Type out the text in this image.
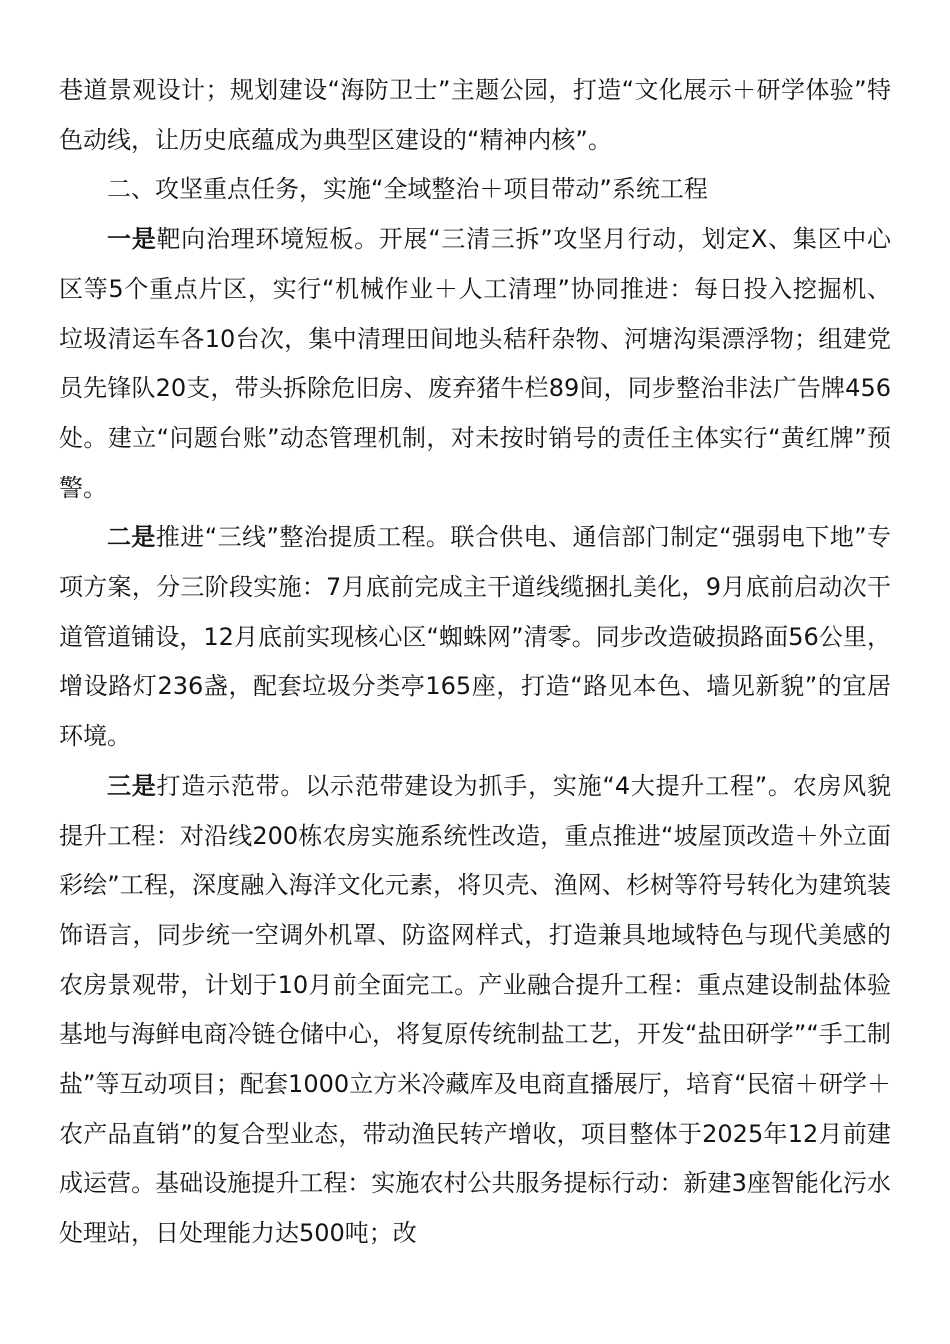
巷道景观设计；规划建设“海防卫士”主题公园，打造“文化展示＋研学体验”特色动线，让历史底蕴成为典型区建设的“精神内核”。

二、攻坚重点任务，实施“全域整治＋项目带动”系统工程

一是靶向治理环境短板。开展“三清三拆”攻坚月行动，划定X、集区中心区等5个重点片区，实行“机械作业＋人工清理”协同推进：每日投入挖掘机、垃圾清运车各10台次，集中清理田间地头秸秆杂物、河塘沟渠漂浮物；组建党员先锋队20支，带头拆除危旧房、废弃猪牛栏89间，同步整治非法广告牌456处。建立“问题台账”动态管理机制，对未按时销号的责任主体实行“黄红牌”预警。

二是推进“三线”整治提质工程。联合供电、通信部门制定“强弱电下地”专项方案，分三阶段实施：7月底前完成主干道线缆捆扎美化，9月底前启动次干道管道铺设，12月底前实现核心区“蜘蛛网”清零。同步改造破损路面56公里，增设路灯236盏，配套垃圾分类亭165座，打造“路见本色、墙见新貌”的宜居环境。

三是打造示范带。以示范带建设为抓手，实施“4大提升工程”。农房风貌提升工程：对沿线200栋农房实施系统性改造，重点推进“坡屋顶改造＋外立面彩绘”工程，深度融入海洋文化元素，将贝壳、渔网、杉树等符号转化为建筑装饰语言，同步统一空调外机罩、防盗网样式，打造兼具地域特色与现代美感的农房景观带，计划于10月前全面完工。产业融合提升工程：重点建设制盐体验基地与海鲜电商冷链仓储中心，将复原传统制盐工艺，开发“盐田研学”“手工制盐”等互动项目；配套1000立方米冷藏库及电商直播展厅，培育“民宿＋研学＋农产品直销”的复合型业态，带动渔民转产增收，项目整体于2025年12月前建成运营。基础设施提升工程：实施农村公共服务提标行动：新建3座智能化污水处理站，日处理能力达500吨；改
